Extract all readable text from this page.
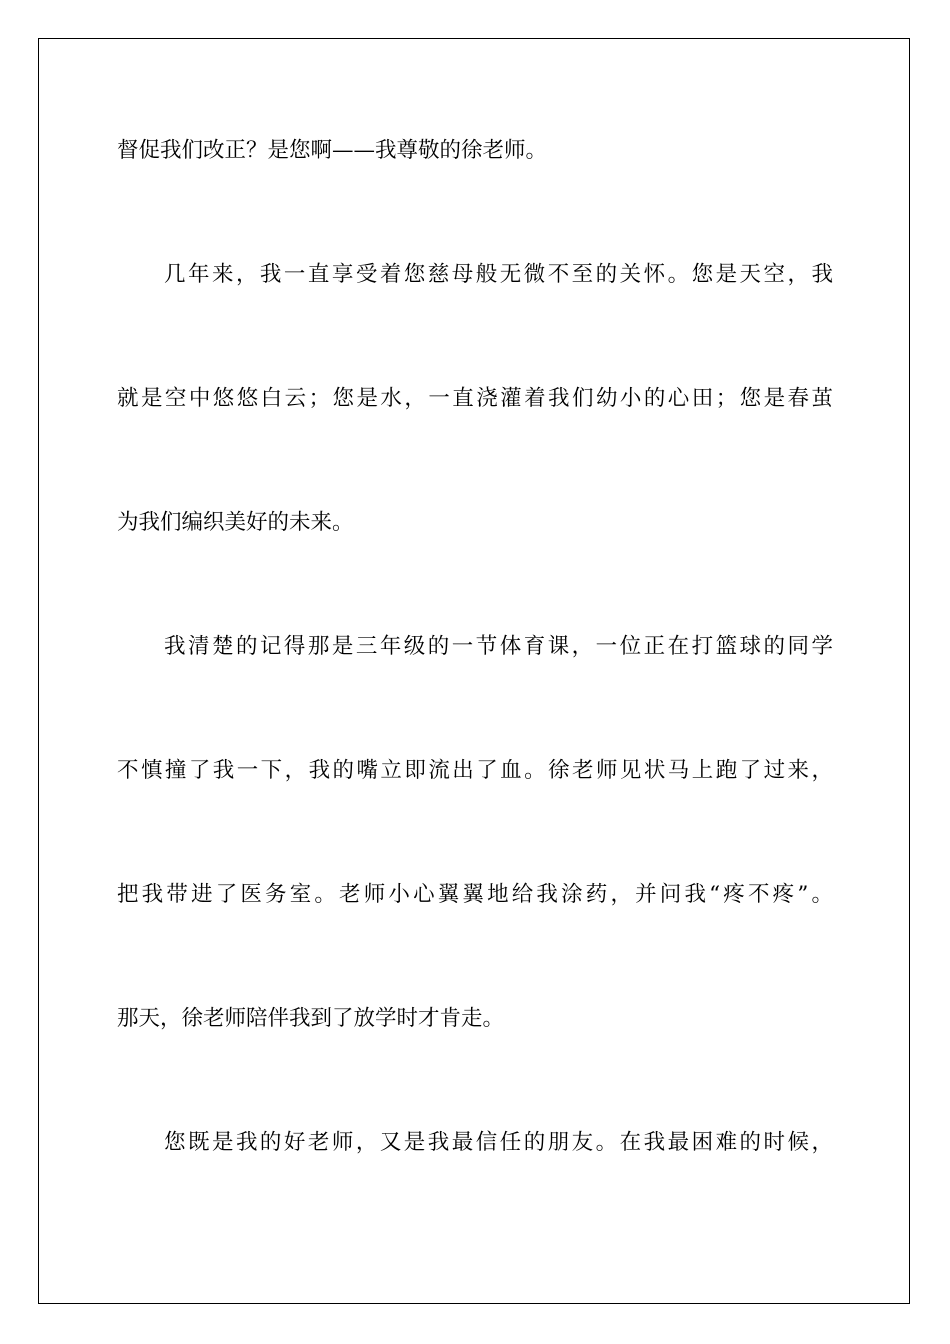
督促我们改正？是您啊——我尊敬的徐老师。
几年来，我一直享受着您慈母般无微不至的关怀。您是天空，我
就是空中悠悠白云；您是水，一直浇灌着我们幼小的心田；您是春茧
为我们编织美好的未来。
我清楚的记得那是三年级的一节体育课，一位正在打篮球的同学
不慎撞了我一下，我的嘴立即流出了血。徐老师见状马上跑了过来，
把我带进了医务室。老师小心翼翼地给我涂药，并问我“疼不疼”。
那天，徐老师陪伴我到了放学时才肯走。
您既是我的好老师，又是我最信任的朋友。在我最困难的时候，
